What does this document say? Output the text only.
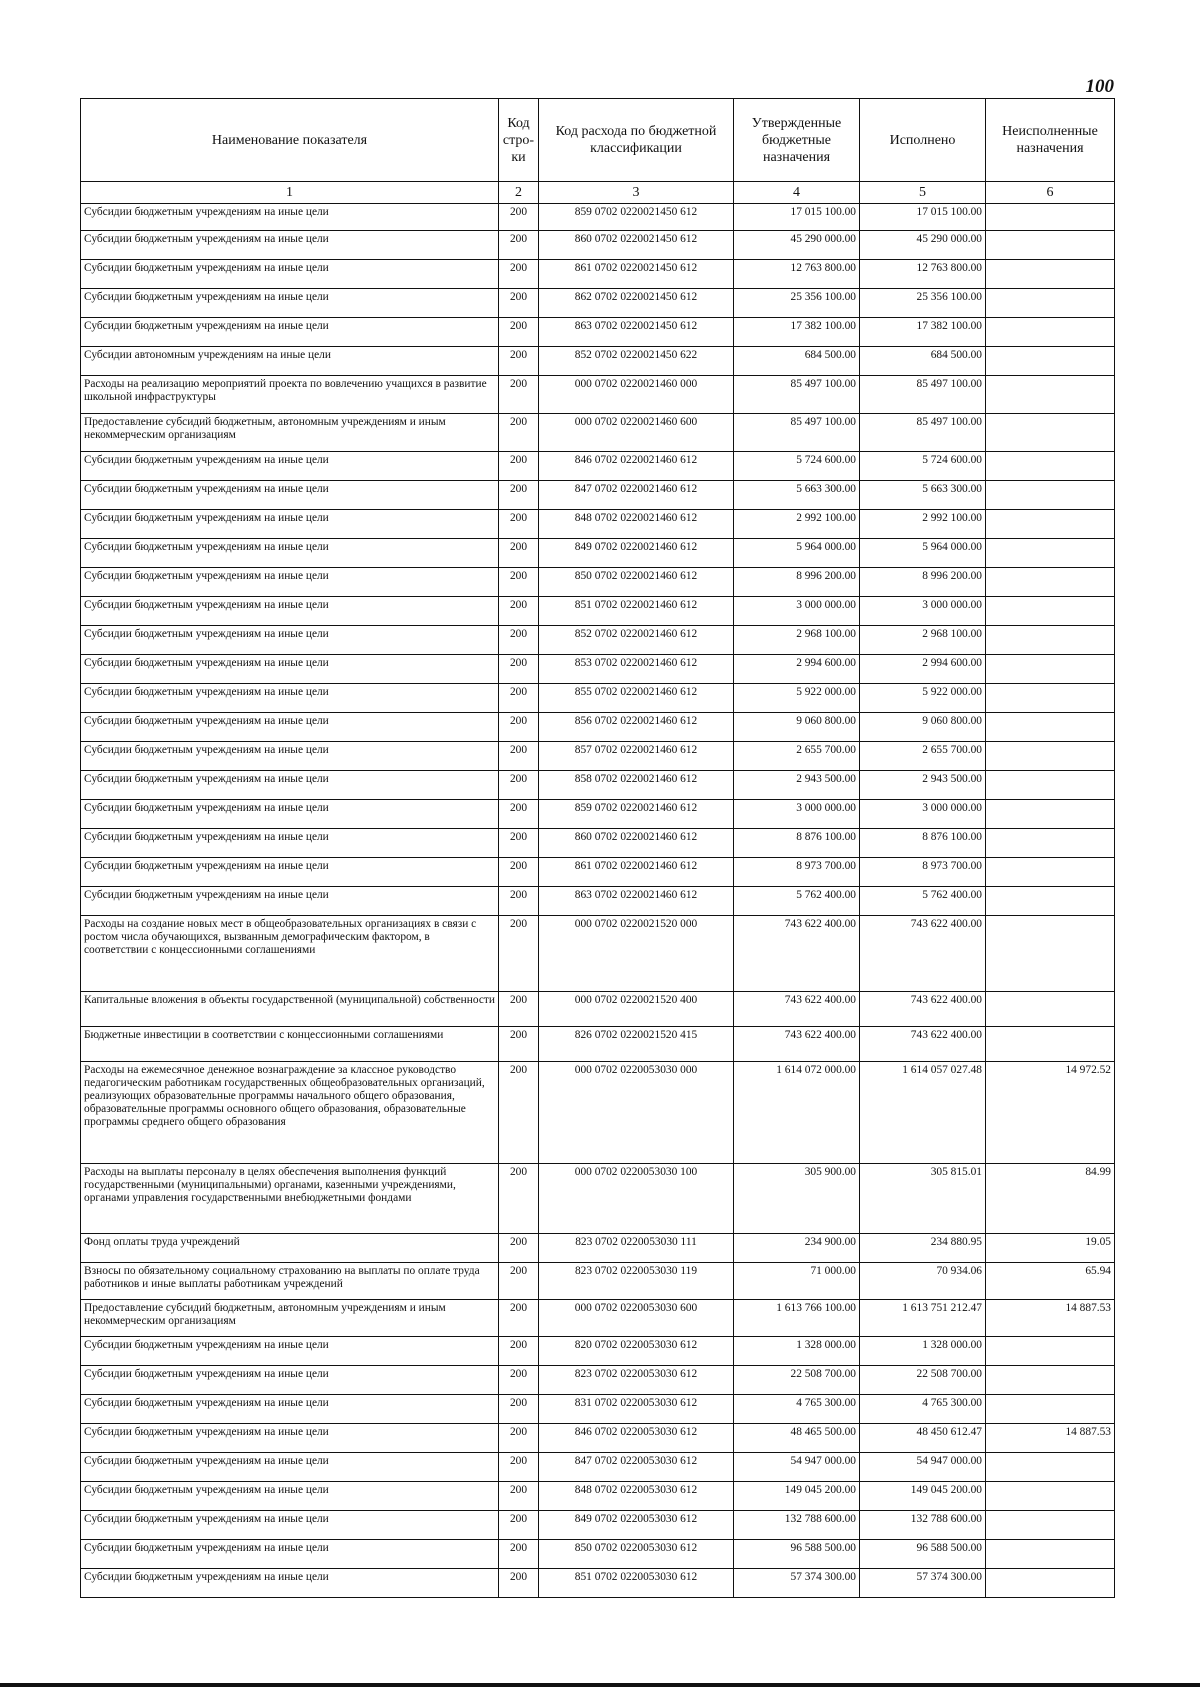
100
Наименование показателя	Код стро- ки	Код расхода по бюджетной классификации	Утвержденные бюджетные назначения	Исполнено	Неисполненные назначения
1	2	3	4	5	6
Субсидии бюджетным учреждениям на иные цели	200	859 0702 0220021450 612	17 015 100.00	17 015 100.00	
Субсидии бюджетным учреждениям на иные цели	200	860 0702 0220021450 612	45 290 000.00	45 290 000.00	
Субсидии бюджетным учреждениям на иные цели	200	861 0702 0220021450 612	12 763 800.00	12 763 800.00	
Субсидии бюджетным учреждениям на иные цели	200	862 0702 0220021450 612	25 356 100.00	25 356 100.00	
Субсидии бюджетным учреждениям на иные цели	200	863 0702 0220021450 612	17 382 100.00	17 382 100.00	
Субсидии автономным учреждениям на иные цели	200	852 0702 0220021450 622	684 500.00	684 500.00	
Расходы на реализацию мероприятий проекта по вовлечению учащихся в развитие школьной инфраструктуры	200	000 0702 0220021460 000	85 497 100.00	85 497 100.00	
Предоставление субсидий бюджетным, автономным учреждениям и иным некоммерческим организациям	200	000 0702 0220021460 600	85 497 100.00	85 497 100.00	
Субсидии бюджетным учреждениям на иные цели	200	846 0702 0220021460 612	5 724 600.00	5 724 600.00	
Субсидии бюджетным учреждениям на иные цели	200	847 0702 0220021460 612	5 663 300.00	5 663 300.00	
Субсидии бюджетным учреждениям на иные цели	200	848 0702 0220021460 612	2 992 100.00	2 992 100.00	
Субсидии бюджетным учреждениям на иные цели	200	849 0702 0220021460 612	5 964 000.00	5 964 000.00	
Субсидии бюджетным учреждениям на иные цели	200	850 0702 0220021460 612	8 996 200.00	8 996 200.00	
Субсидии бюджетным учреждениям на иные цели	200	851 0702 0220021460 612	3 000 000.00	3 000 000.00	
Субсидии бюджетным учреждениям на иные цели	200	852 0702 0220021460 612	2 968 100.00	2 968 100.00	
Субсидии бюджетным учреждениям на иные цели	200	853 0702 0220021460 612	2 994 600.00	2 994 600.00	
Субсидии бюджетным учреждениям на иные цели	200	855 0702 0220021460 612	5 922 000.00	5 922 000.00	
Субсидии бюджетным учреждениям на иные цели	200	856 0702 0220021460 612	9 060 800.00	9 060 800.00	
Субсидии бюджетным учреждениям на иные цели	200	857 0702 0220021460 612	2 655 700.00	2 655 700.00	
Субсидии бюджетным учреждениям на иные цели	200	858 0702 0220021460 612	2 943 500.00	2 943 500.00	
Субсидии бюджетным учреждениям на иные цели	200	859 0702 0220021460 612	3 000 000.00	3 000 000.00	
Субсидии бюджетным учреждениям на иные цели	200	860 0702 0220021460 612	8 876 100.00	8 876 100.00	
Субсидии бюджетным учреждениям на иные цели	200	861 0702 0220021460 612	8 973 700.00	8 973 700.00	
Субсидии бюджетным учреждениям на иные цели	200	863 0702 0220021460 612	5 762 400.00	5 762 400.00	
Расходы на создание новых мест в общеобразовательных организациях в связи с ростом числа обучающихся, вызванным демографическим фактором, в соответствии с концессионными соглашениями	200	000 0702 0220021520 000	743 622 400.00	743 622 400.00	
Капитальные вложения в объекты государственной (муниципальной) собственности	200	000 0702 0220021520 400	743 622 400.00	743 622 400.00	
Бюджетные инвестиции в соответствии с концессионными соглашениями	200	826 0702 0220021520 415	743 622 400.00	743 622 400.00	
Расходы на ежемесячное денежное вознаграждение за классное руководство педагогическим работникам государственных общеобразовательных организаций, реализующих образовательные программы начального общего образования, образовательные программы основного общего образования, образовательные программы среднего общего образования	200	000 0702 0220053030 000	1 614 072 000.00	1 614 057 027.48	14 972.52
Расходы на выплаты персоналу в целях обеспечения выполнения функций государственными (муниципальными) органами, казенными учреждениями, органами управления государственными внебюджетными фондами	200	000 0702 0220053030 100	305 900.00	305 815.01	84.99
Фонд оплаты труда учреждений	200	823 0702 0220053030 111	234 900.00	234 880.95	19.05
Взносы по обязательному социальному страхованию на выплаты по оплате труда работников и иные выплаты работникам учреждений	200	823 0702 0220053030 119	71 000.00	70 934.06	65.94
Предоставление субсидий бюджетным, автономным учреждениям и иным некоммерческим организациям	200	000 0702 0220053030 600	1 613 766 100.00	1 613 751 212.47	14 887.53
Субсидии бюджетным учреждениям на иные цели	200	820 0702 0220053030 612	1 328 000.00	1 328 000.00	
Субсидии бюджетным учреждениям на иные цели	200	823 0702 0220053030 612	22 508 700.00	22 508 700.00	
Субсидии бюджетным учреждениям на иные цели	200	831 0702 0220053030 612	4 765 300.00	4 765 300.00	
Субсидии бюджетным учреждениям на иные цели	200	846 0702 0220053030 612	48 465 500.00	48 450 612.47	14 887.53
Субсидии бюджетным учреждениям на иные цели	200	847 0702 0220053030 612	54 947 000.00	54 947 000.00	
Субсидии бюджетным учреждениям на иные цели	200	848 0702 0220053030 612	149 045 200.00	149 045 200.00	
Субсидии бюджетным учреждениям на иные цели	200	849 0702 0220053030 612	132 788 600.00	132 788 600.00	
Субсидии бюджетным учреждениям на иные цели	200	850 0702 0220053030 612	96 588 500.00	96 588 500.00	
Субсидии бюджетным учреждениям на иные цели	200	851 0702 0220053030 612	57 374 300.00	57 374 300.00	
